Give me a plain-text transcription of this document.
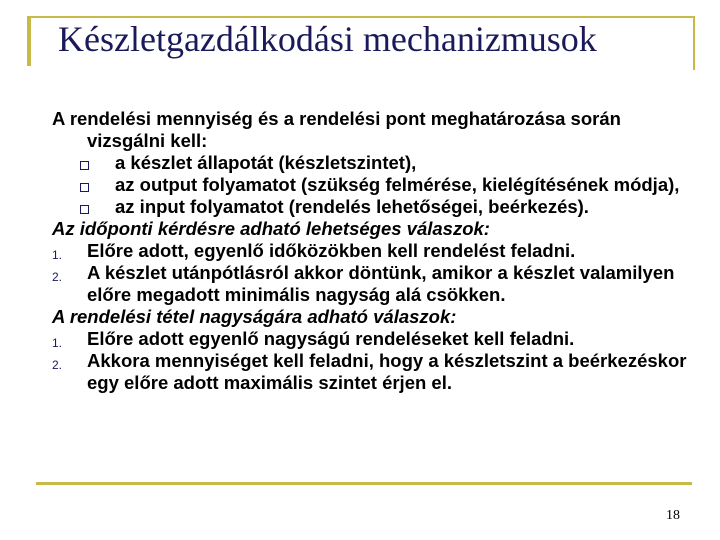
Készletgazdálkodási mechanizmusok
A rendelési mennyiség és a rendelési pont meghatározása során
vizsgálni kell:
a készlet állapotát (készletszintet),
az output folyamatot (szükség felmérése, kielégítésének módja),
az input folyamatot (rendelés lehetőségei, beérkezés).
Az időponti kérdésre adható lehetséges válaszok:
1. Előre adott, egyenlő időközökben kell rendelést feladni.
2. A készlet utánpótlásról akkor döntünk, amikor a készlet valamilyen előre megadott minimális nagyság alá csökken.
A rendelési tétel nagyságára adható válaszok:
1. Előre adott egyenlő nagyságú rendeléseket kell feladni.
2. Akkora mennyiséget kell feladni, hogy a készletszint a beérkezéskor egy előre adott maximális szintet érjen el.
18
